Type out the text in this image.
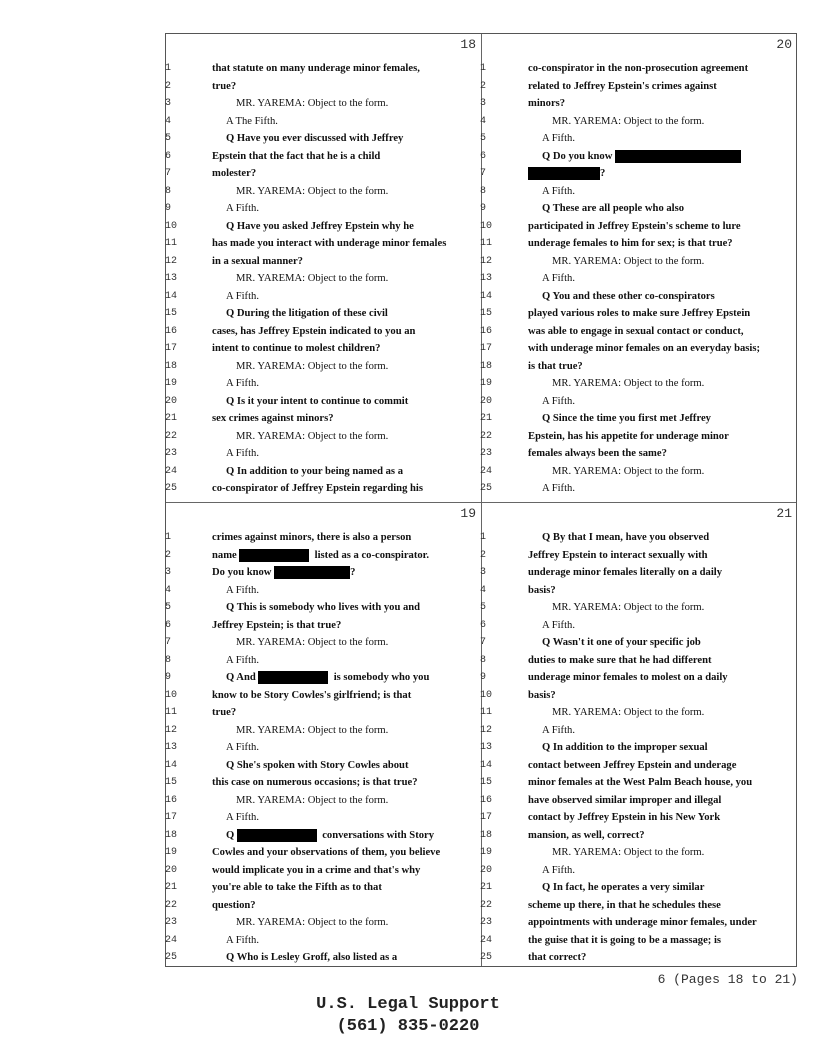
18
1	that statute on many underage minor females,
2	true?
3	MR. YAREMA: Object to the form.
4	A The Fifth.
5	Q Have you ever discussed with Jeffrey
6	Epstein that the fact that he is a child
7	molester?
8	MR. YAREMA: Object to the form.
9	A Fifth.
10	Q Have you asked Jeffrey Epstein why he
11	has made you interact with underage minor females
12	in a sexual manner?
13	MR. YAREMA: Object to the form.
14	A Fifth.
15	Q During the litigation of these civil
16	cases, has Jeffrey Epstein indicated to you an
17	intent to continue to molest children?
18	MR. YAREMA: Object to the form.
19	A Fifth.
20	Q Is it your intent to continue to commit
21	sex crimes against minors?
22	MR. YAREMA: Object to the form.
23	A Fifth.
24	Q In addition to your being named as a
25	co-conspirator of Jeffrey Epstein regarding his
20
1	co-conspirator in the non-prosecution agreement
2	related to Jeffrey Epstein's crimes against
3	minors?
4	MR. YAREMA: Object to the form.
5	A Fifth.
6	Q Do you know
7	?
8	A Fifth.
9	Q These are all people who also
10	participated in Jeffrey Epstein's scheme to lure
11	underage females to him for sex; is that true?
12	MR. YAREMA: Object to the form.
13	A Fifth.
14	Q You and these other co-conspirators
15	played various roles to make sure Jeffrey Epstein
16	was able to engage in sexual contact or conduct,
17	with underage minor females on an everyday basis;
18	is that true?
19	MR. YAREMA: Object to the form.
20	A Fifth.
21	Q Since the time you first met Jeffrey
22	Epstein, has his appetite for underage minor
23	females always been the same?
24	MR. YAREMA: Object to the form.
25	A Fifth.
19
1	crimes against minors, there is also a person
2	name	listed as a co-conspirator.
3	Do you know	?
4	A Fifth.
5	Q This is somebody who lives with you and
6	Jeffrey Epstein; is that true?
7	MR. YAREMA: Object to the form.
8	A Fifth.
9	Q And	is somebody who you
10	know to be Story Cowles's girlfriend; is that
11	true?
12	MR. YAREMA: Object to the form.
13	A Fifth.
14	Q She's spoken with Story Cowles about
15	this case on numerous occasions; is that true?
16	MR. YAREMA: Object to the form.
17	A Fifth.
18	Q	conversations with Story
19	Cowles and your observations of them, you believe
20	would implicate you in a crime and that's why
21	you're able to take the Fifth as to that
22	question?
23	MR. YAREMA: Object to the form.
24	A Fifth.
25	Q Who is Lesley Groff, also listed as a
21
1	Q By that I mean, have you observed
2	Jeffrey Epstein to interact sexually with
3	underage minor females literally on a daily
4	basis?
5	MR. YAREMA: Object to the form.
6	A Fifth.
7	Q Wasn't it one of your specific job
8	duties to make sure that he had different
9	underage minor females to molest on a daily
10	basis?
11	MR. YAREMA: Object to the form.
12	A Fifth.
13	Q In addition to the improper sexual
14	contact between Jeffrey Epstein and underage
15	minor females at the West Palm Beach house, you
16	have observed similar improper and illegal
17	contact by Jeffrey Epstein in his New York
18	mansion, as well, correct?
19	MR. YAREMA: Object to the form.
20	A Fifth.
21	Q In fact, he operates a very similar
22	scheme up there, in that he schedules these
23	appointments with underage minor females, under
24	the guise that it is going to be a massage; is
25	that correct?
6 (Pages 18 to 21)
U.S. Legal Support
(561) 835-0220
